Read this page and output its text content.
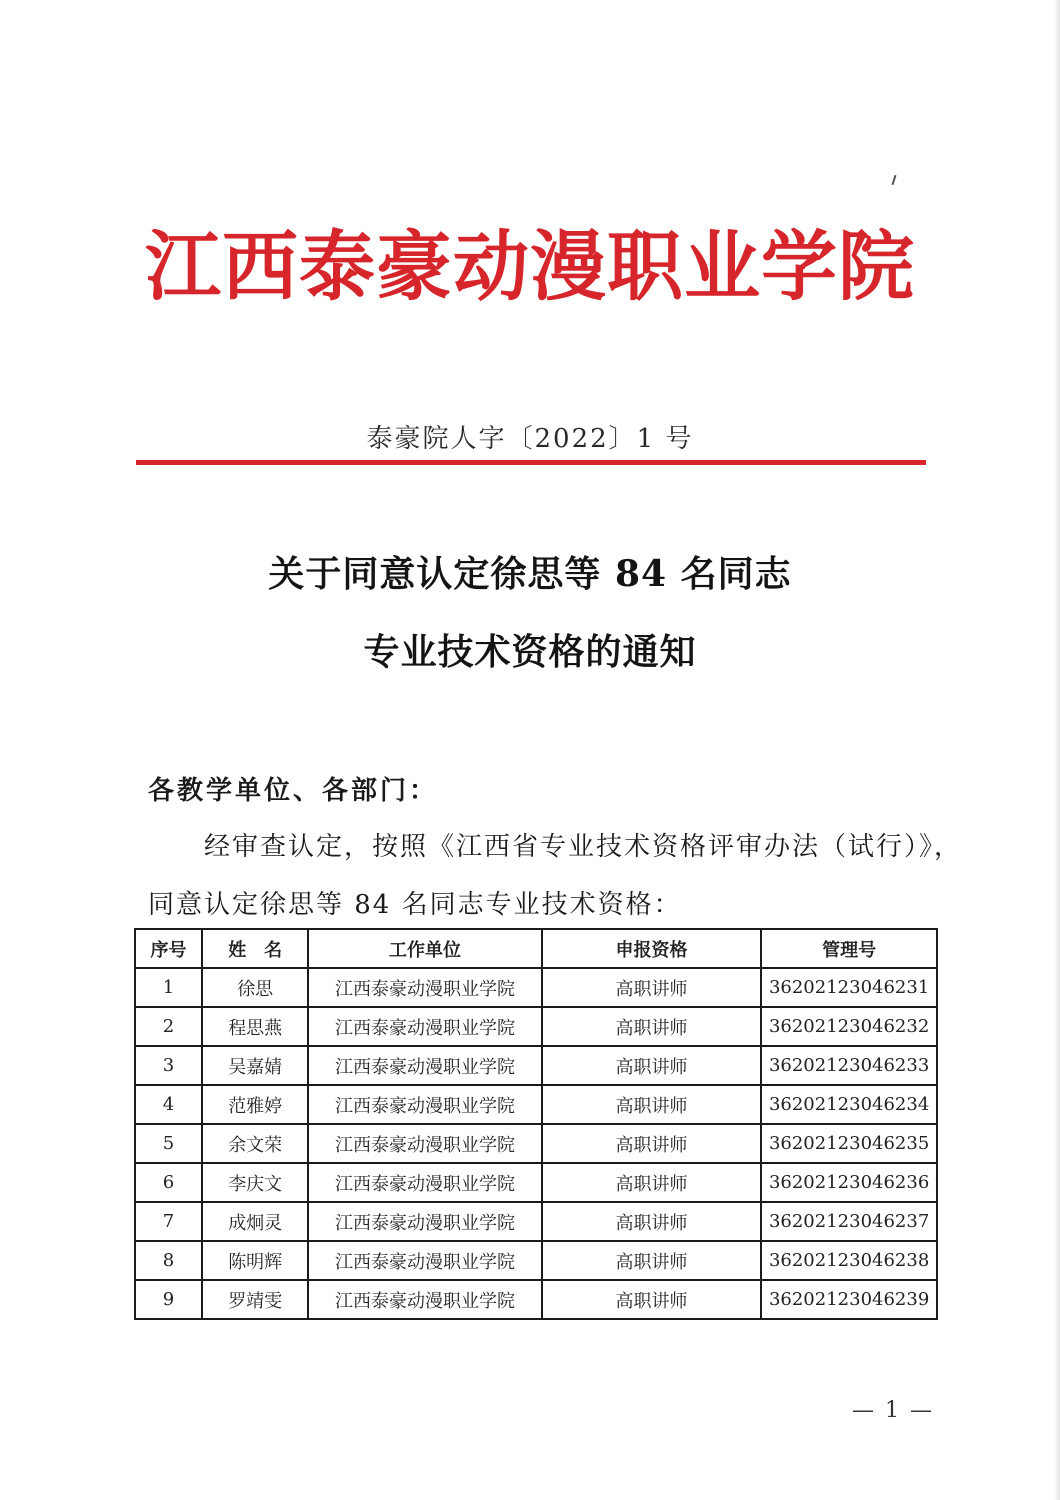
江西泰豪动漫职业学院
泰豪院人字〔2022〕1 号
关于同意认定徐思等 84 名同志
专业技术资格的通知
各教学单位、各部门：
经审查认定，按照《江西省专业技术资格评审办法（试行）》，
同意认定徐思等 84 名同志专业技术资格：
序号	姓　名	工作单位	申报资格	管理号
1	徐思	江西泰豪动漫职业学院	高职讲师	36202123046231
2	程思燕	江西泰豪动漫职业学院	高职讲师	36202123046232
3	吴嘉婧	江西泰豪动漫职业学院	高职讲师	36202123046233
4	范雅婷	江西泰豪动漫职业学院	高职讲师	36202123046234
5	余文荣	江西泰豪动漫职业学院	高职讲师	36202123046235
6	李庆文	江西泰豪动漫职业学院	高职讲师	36202123046236
7	成炯灵	江西泰豪动漫职业学院	高职讲师	36202123046237
8	陈明辉	江西泰豪动漫职业学院	高职讲师	36202123046238
9	罗靖雯	江西泰豪动漫职业学院	高职讲师	36202123046239
— 1 —
